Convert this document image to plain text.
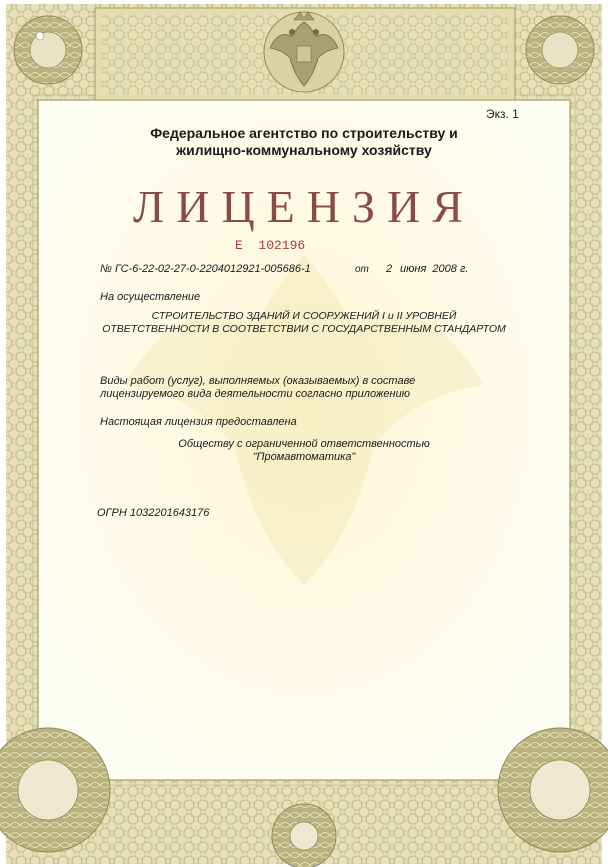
Экз. 1
Федеральное агентство по строительству и
жилищно-коммунальному хозяйству
ЛИЦЕНЗИЯ
Е  102196
№ ГС-6-22-02-27-0-2204012921-005686-1	от 2 июня  2008 г.
На осуществление
СТРОИТЕЛЬСТВО ЗДАНИЙ И СООРУЖЕНИЙ I и II УРОВНЕЙ
ОТВЕТСТВЕННОСТИ В СООТВЕТСТВИИ С ГОСУДАРСТВЕННЫМ СТАНДАРТОМ
Виды работ (услуг), выполняемых (оказываемых) в составе
лицензируемого вида деятельности согласно приложению
Настоящая лицензия предоставлена
Обществу с ограниченной ответственностью
"Промавтоматика"
ОГРН 1032201643176
